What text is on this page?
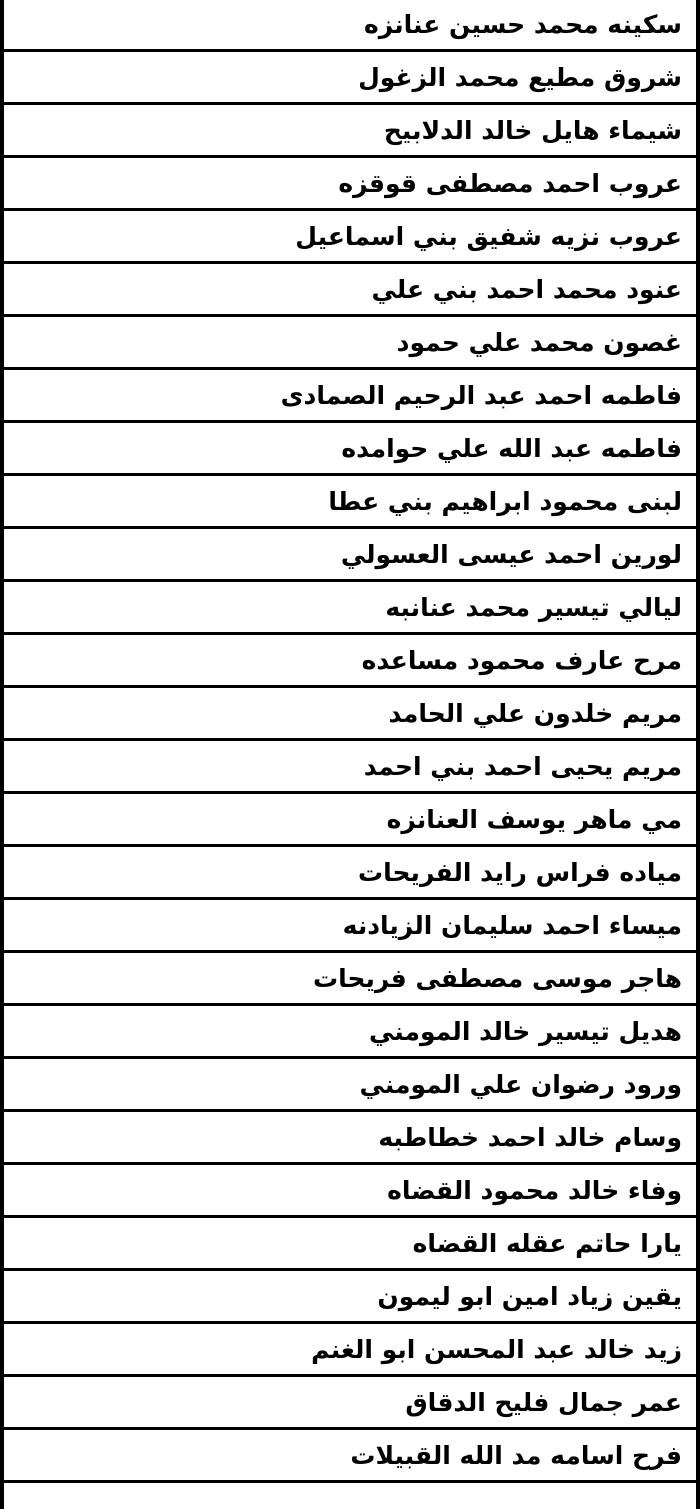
سكينه محمد حسين عنانزه
شروق مطيع محمد الزغول
شيماء هايل خالد الدلابيح
عروب احمد مصطفى قوقزه
عروب نزيه شفيق بني اسماعيل
عنود محمد احمد بني علي
غصون محمد علي حمود
فاطمه احمد عبد الرحيم الصمادى
فاطمه عبد الله علي حوامده
لبنى محمود ابراهيم بني عطا
لورين احمد عيسى العسولي
ليالي تيسير محمد عنانبه
مرح عارف محمود مساعده
مريم خلدون علي الحامد
مريم يحيى احمد بني احمد
مي ماهر يوسف العنانزه
مياده فراس رايد الفريحات
ميساء احمد سليمان الزيادنه
هاجر موسى مصطفى فريحات
هديل تيسير خالد المومني
ورود رضوان علي المومني
وسام خالد احمد خطاطبه
وفاء خالد محمود القضاه
يارا حاتم عقله القضاه
يقين زياد امين ابو ليمون
زيد خالد عبد المحسن ابو الغنم
عمر جمال فليح الدقاق
فرح اسامه مد الله القبيلات
